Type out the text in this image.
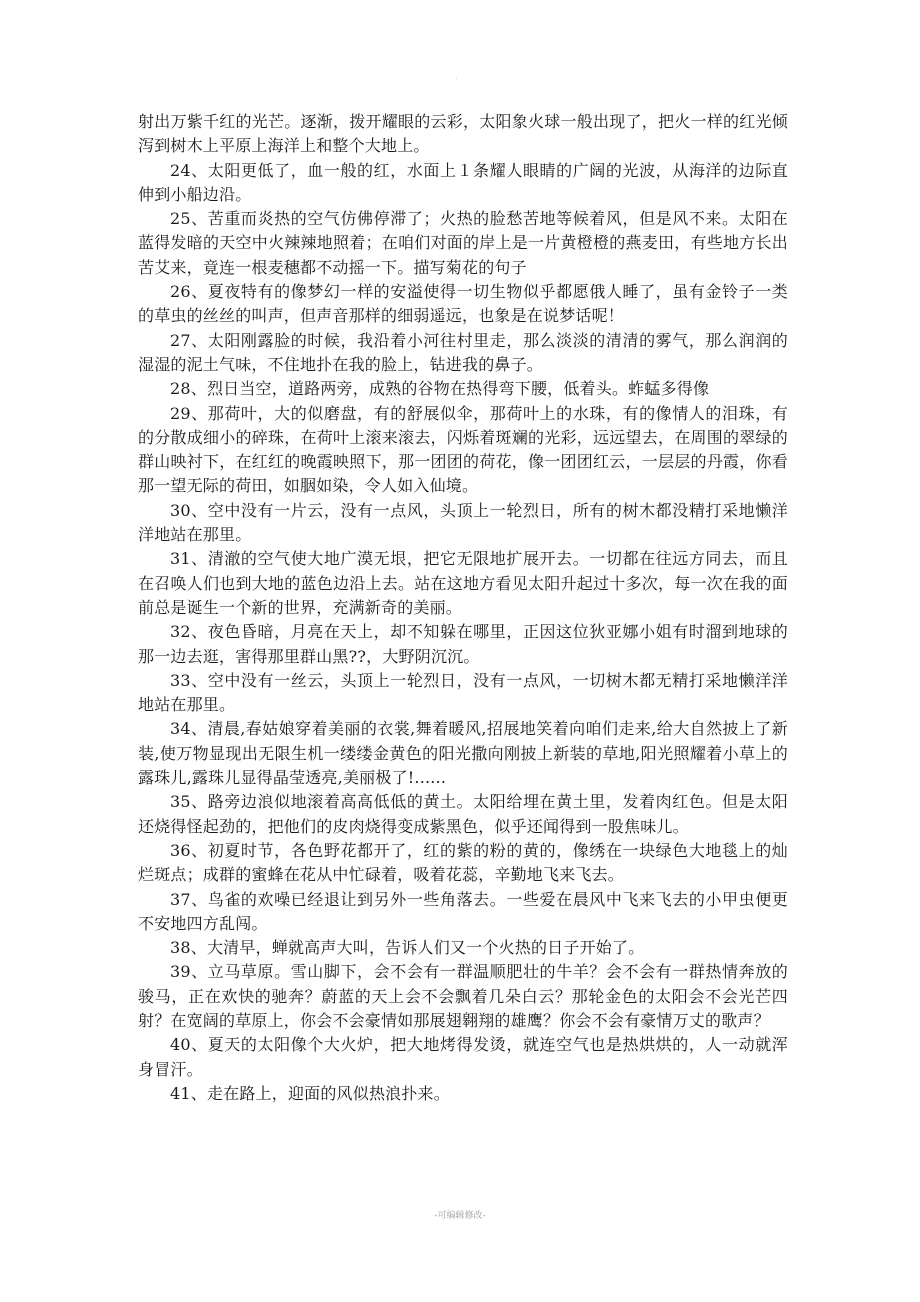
.

射出万紫千红的光芒。逐渐，拨开耀眼的云彩，太阳象火球一般出现了，把火一样的红光倾泻到树木上平原上海洋上和整个大地上。

24、太阳更低了，血一般的红，水面上１条耀人眼睛的广阔的光波，从海洋的边际直伸到小船边沿。

25、苦重而炎热的空气仿佛停滞了；火热的脸愁苦地等候着风，但是风不来。太阳在蓝得发暗的天空中火辣辣地照着；在咱们对面的岸上是一片黄橙橙的燕麦田，有些地方长出苦艾来，竟连一根麦穗都不动摇一下。描写菊花的句子

26、夏夜特有的像梦幻一样的安溢使得一切生物似乎都愿俄人睡了，虽有金铃子一类的草虫的丝丝的叫声，但声音那样的细弱遥远，也象是在说梦话呢！

27、太阳刚露脸的时候，我沿着小河往村里走，那么淡淡的清清的雾气，那么润润的湿湿的泥土气味，不住地扑在我的脸上，钻进我的鼻子。

28、烈日当空，道路两旁，成熟的谷物在热得弯下腰，低着头。蚱蜢多得像

29、那荷叶，大的似磨盘，有的舒展似伞，那荷叶上的水珠，有的像情人的泪珠，有的分散成细小的碎珠，在荷叶上滚来滚去，闪烁着斑斓的光彩，远远望去，在周围的翠绿的群山映衬下，在红红的晚霞映照下，那一团团的荷花，像一团团红云，一层层的丹霞，你看那一望无际的荷田，如胭如染，令人如入仙境。

30、空中没有一片云，没有一点风，头顶上一轮烈日，所有的树木都没精打采地懒洋洋地站在那里。

31、清澈的空气使大地广漠无垠，把它无限地扩展开去。一切都在往远方同去，而且在召唤人们也到大地的蓝色边沿上去。站在这地方看见太阳升起过十多次，每一次在我的面前总是诞生一个新的世界，充满新奇的美丽。

32、夜色昏暗，月亮在天上，却不知躲在哪里，正因这位狄亚娜小姐有时溜到地球的那一边去逛，害得那里群山黑??，大野阴沉沉。

33、空中没有一丝云，头顶上一轮烈日，没有一点风，一切树木都无精打采地懒洋洋地站在那里。

34、清晨,春姑娘穿着美丽的衣裳,舞着暖风,招展地笑着向咱们走来,给大自然披上了新装,使万物显现出无限生机一缕缕金黄色的阳光撒向刚披上新装的草地,阳光照耀着小草上的露珠儿,露珠儿显得晶莹透亮,美丽极了!......

35、路旁边浪似地滚着高高低低的黄土。太阳给埋在黄土里，发着肉红色。但是太阳还烧得怪起劲的，把他们的皮肉烧得变成紫黑色，似乎还闻得到一股焦味儿。

36、初夏时节，各色野花都开了，红的紫的粉的黄的，像绣在一块绿色大地毯上的灿烂斑点；成群的蜜蜂在花从中忙碌着，吸着花蕊，辛勤地飞来飞去。

37、鸟雀的欢噪已经退让到另外一些角落去。一些爱在晨风中飞来飞去的小甲虫便更不安地四方乱闯。

38、大清早，蝉就高声大叫，告诉人们又一个火热的日子开始了。

39、立马草原。雪山脚下，会不会有一群温顺肥壮的牛羊？会不会有一群热情奔放的骏马，正在欢快的驰奔？蔚蓝的天上会不会飘着几朵白云？那轮金色的太阳会不会光芒四射？在宽阔的草原上，你会不会豪情如那展翅翱翔的雄鹰？你会不会有豪情万丈的歌声？

40、夏天的太阳像个大火炉，把大地烤得发烫，就连空气也是热烘烘的，人一动就浑身冒汗。

41、走在路上，迎面的风似热浪扑来。

-可编辑修改-
